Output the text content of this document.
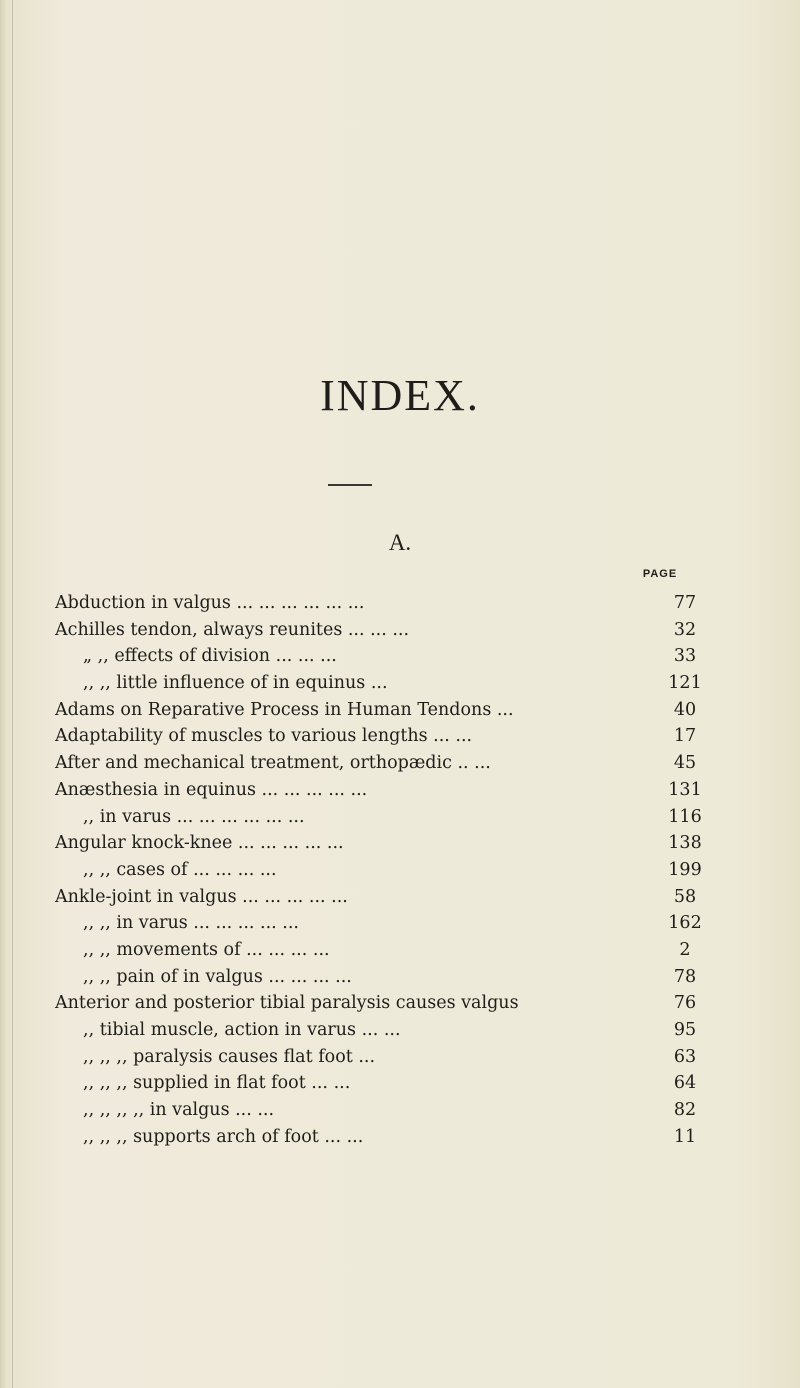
INDEX.
A.
PAGE
Abduction in valgus ... ... ... ... ... ...	77
Achilles tendon, always reunites ... ... ...	32
„ ,, effects of division ... ... ...	33
,, ,, little influence of in equinus ...	121
Adams on Reparative Process in Human Tendons ...	40
Adaptability of muscles to various lengths ... ...	17
After and mechanical treatment, orthopædic .. ...	45
Anæsthesia in equinus ... ... ... ... ...	131
,, in varus ... ... ... ... ... ...	116
Angular knock-knee ... ... ... ... ...	138
,, ,, cases of ... ... ... ...	199
Ankle-joint in valgus ... ... ... ... ...	58
,, ,, in varus ... ... ... ... ...	162
,, ,, movements of ... ... ... ...	2
,, ,, pain of in valgus ... ... ... ...	78
Anterior and posterior tibial paralysis causes valgus	76
,, tibial muscle, action in varus ... ...	95
,, ,, ,, paralysis causes flat foot ...	63
,, ,, ,, supplied in flat foot ... ...	64
,, ,, ,, ,, in valgus ... ...	82
,, ,, ,, supports arch of foot ... ...	11
